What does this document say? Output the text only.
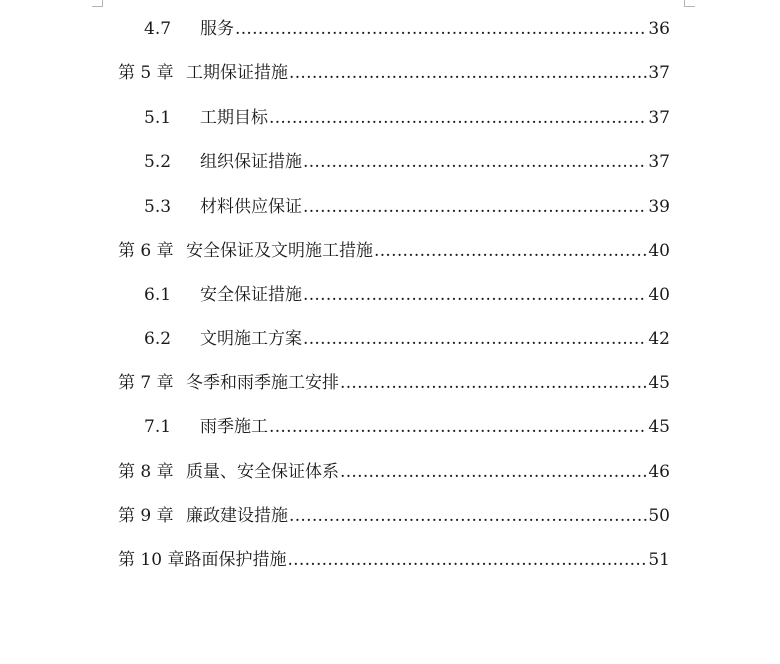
4.7	服务 .....	36
第 5 章 工期保证措施 .....	37
5.1	工期目标 .....	37
5.2	组织保证措施 .....	37
5.3	材料供应保证 .....	39
第 6 章 安全保证及文明施工措施 .....	40
6.1	安全保证措施 .....	40
6.2	文明施工方案 .....	42
第 7 章 冬季和雨季施工安排 .....	45
7.1	雨季施工 .....	45
第 8 章 质量、安全保证体系 .....	46
第 9 章 廉政建设措施 .....	50
第 10 章 路面保护措施 .....	51
